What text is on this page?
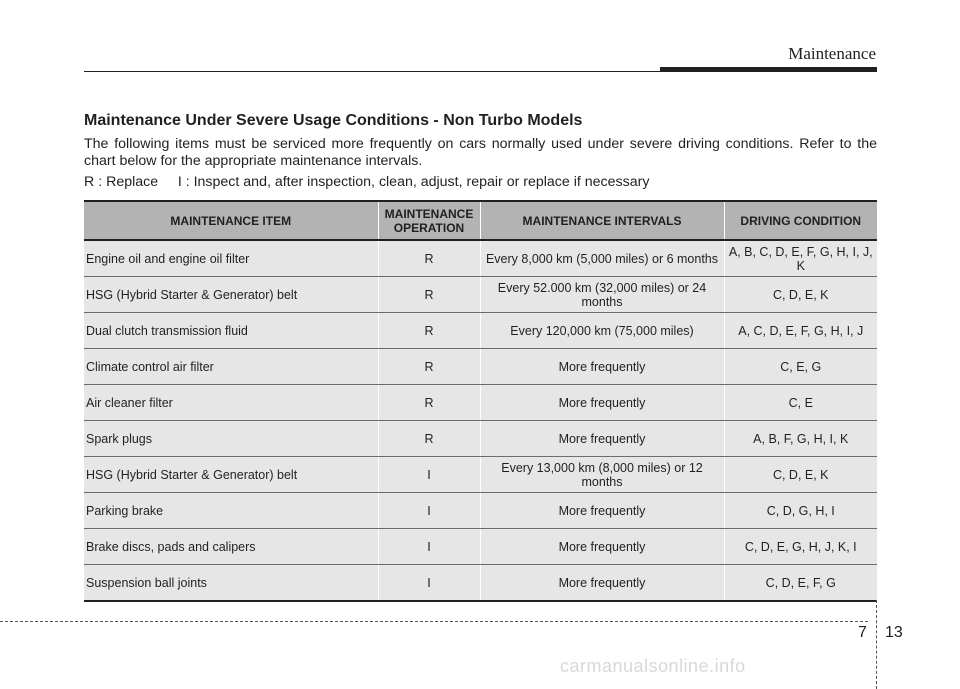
Maintenance
Maintenance Under Severe Usage Conditions - Non Turbo Models

The following items must be serviced more frequently on cars normally used under severe driving conditions. Refer to the chart below for the appropriate maintenance intervals.

R : Replace     I : Inspect and, after inspection, clean, adjust, repair or replace if necessary

MAINTENANCE ITEM	MAINTENANCE OPERATION	MAINTENANCE INTERVALS	DRIVING CONDITION
Engine oil and engine oil filter	R	Every 8,000 km (5,000 miles) or 6 months	A, B, C, D, E, F, G, H, I, J, K
HSG (Hybrid Starter & Generator) belt	R	Every 52.000 km (32,000 miles) or 24 months	C, D, E, K
Dual clutch transmission fluid	R	Every 120,000 km (75,000 miles)	A, C, D, E, F, G, H, I, J
Climate control air filter	R	More frequently	C, E, G
Air cleaner filter	R	More frequently	C, E
Spark plugs	R	More frequently	A, B, F, G, H, I, K
HSG (Hybrid Starter & Generator) belt	I	Every 13,000 km (8,000 miles) or 12 months	C, D, E, K
Parking brake	I	More frequently	C, D, G, H, I
Brake discs, pads and calipers	I	More frequently	C, D, E, G, H, J, K, I
Suspension ball joints	I	More frequently	C, D, E, F, G
7 13
carmanualsonline.info
